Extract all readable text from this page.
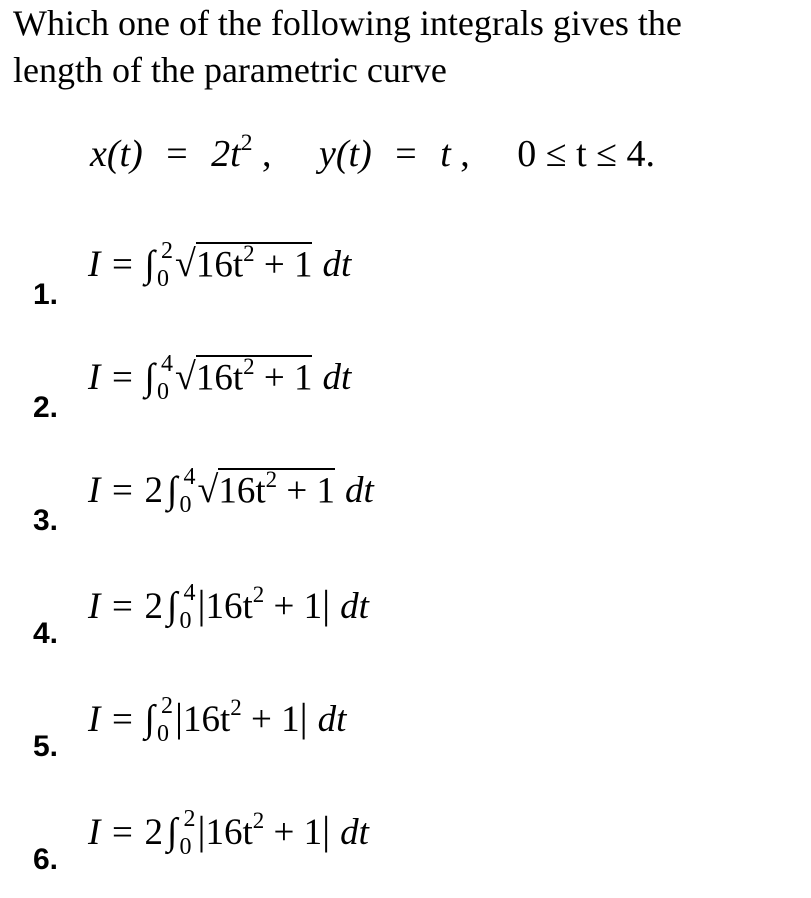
Which one of the following integrals gives the
length of the parametric curve
$x(t) = 2t^2$ , y(t) = t , 0 ≤ t ≤ 4.
1.
I = ∫ 2
0 √ $16t^2 + 1$ dt
2.
I = ∫ 4
0 √ $16t^2 + 1$ dt
3.
I = 2 ∫ 4
0 √ $16t^2 + 1$ dt
4.
I = 2 ∫ 4
0 $|16t^2 + 1|$ dt
5.
I = ∫ 2
0 $|16t^2 + 1|$ dt
6.
I = 2 ∫ 2
0 $|16t^2 + 1|$ dt
